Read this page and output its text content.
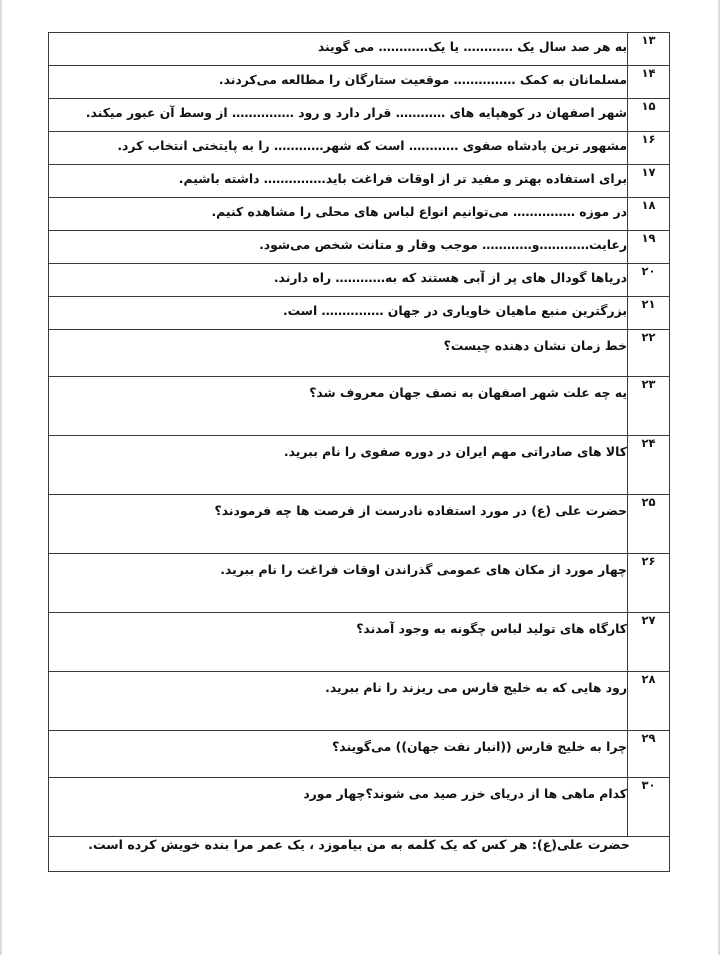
۱۳	به هر صد سال یک ………… یا یک………… می گویند
۱۴	مسلمانان به کمک …………… موقعیت ستارگان را مطالعه می‌کردند.
۱۵	شهر اصفهان در کوهپایه های ………… قرار دارد و رود …………… از وسط آن عبور میکند.
۱۶	مشهور ترین پادشاه صفوی ………… است که شهر………… را به پایتختی انتخاب کرد.
۱۷	برای استفاده بهتر و مفید تر از اوقات فراغت باید…………… داشته باشیم.
۱۸	در موزه …………… می‌توانیم انواع لباس های محلی را مشاهده کنیم.
۱۹	رعایت…………و………… موجب وقار و متانت شخص می‌شود.
۲۰	دریاها گودال های پر از آبی هستند که به………… راه دارند.
۲۱	بزرگترین منبع ماهیان خاویاری در جهان …………… است.
۲۲	خط زمان نشان دهنده چیست؟
۲۳	یه چه علت شهر اصفهان به نصف جهان معروف شد؟
۲۴	کالا های صادراتی مهم ایران در دوره صفوی را نام ببرید.
۲۵	حضرت علی (ع) در مورد استفاده نادرست از فرصت ها چه فرمودند؟
۲۶	چهار مورد از مکان های عمومی گذراندن اوقات فراغت را نام ببرید.
۲۷	کارگاه های تولید لباس چگونه به وجود آمدند؟
۲۸	رود هایی که به خلیج فارس می ریزند را نام ببرید.
۲۹	چرا به خلیج فارس ((انبار نفت جهان)) می‌گویند؟
۳۰	کدام ماهی ها از دریای خزر صید می شوند؟چهار مورد
حضرت علی(ع): هر کس که یک کلمه به من بیاموزد ، یک عمر مرا بنده خویش کرده است.	
